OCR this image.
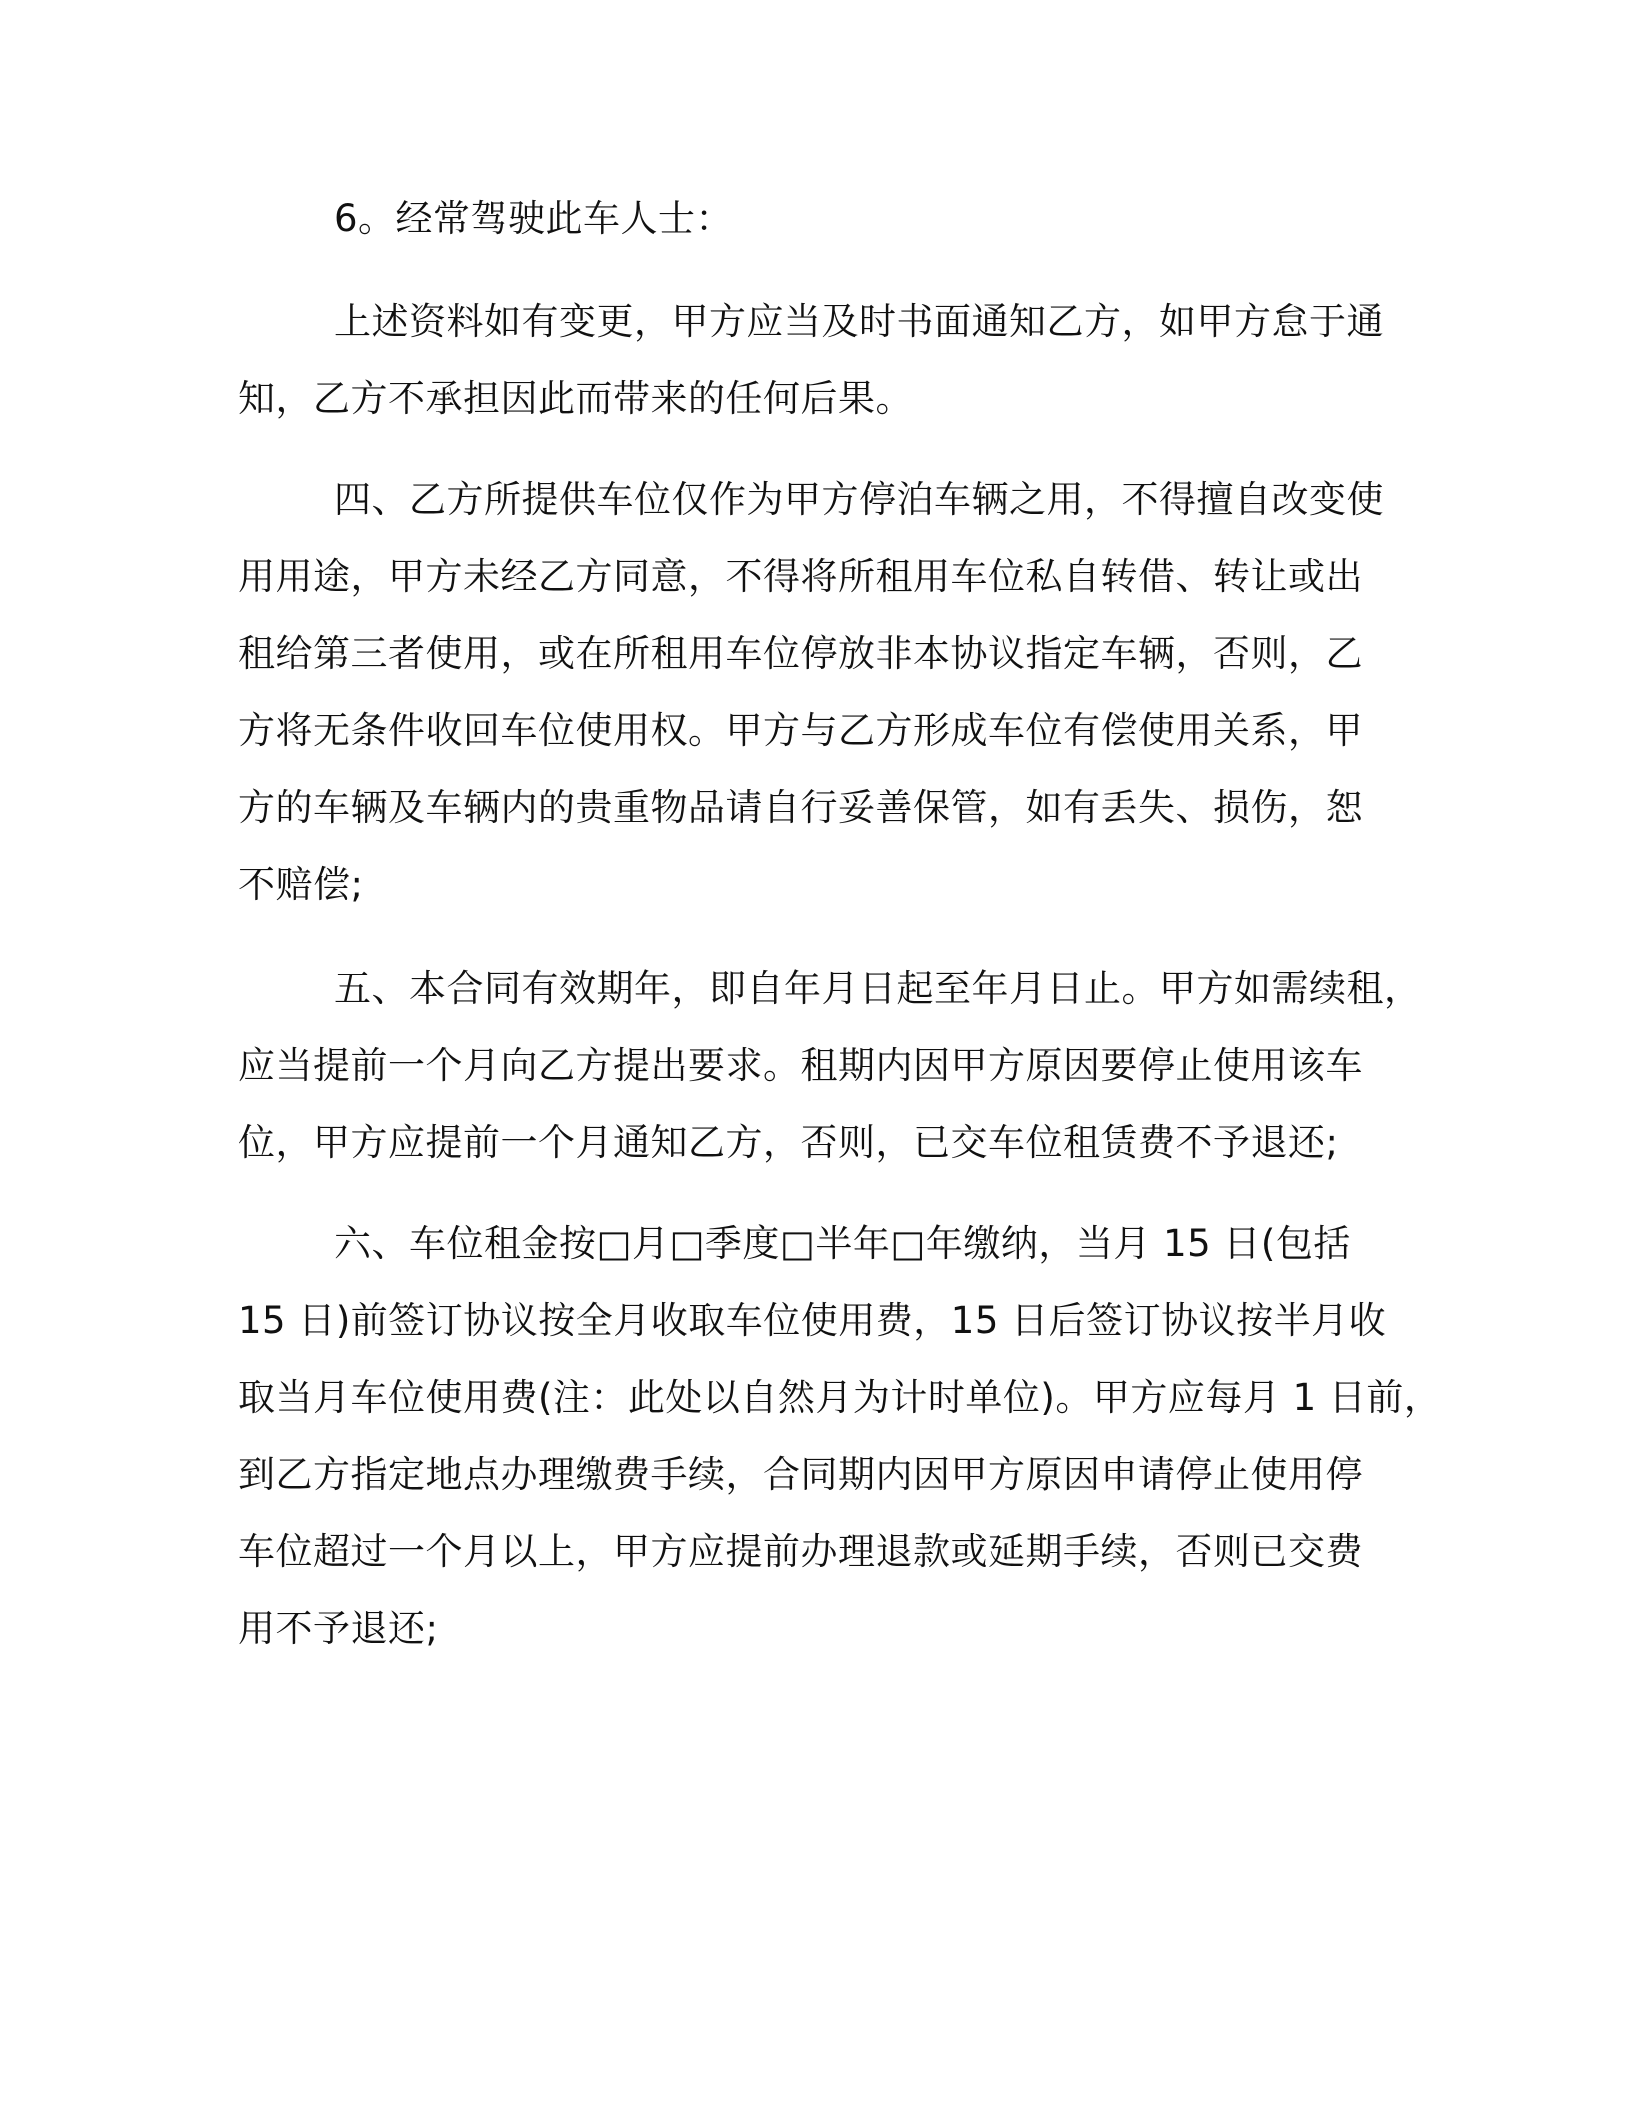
6。经常驾驶此车人士：
上述资料如有变更，甲方应当及时书面通知乙方，如甲方怠于通
知，乙方不承担因此而带来的任何后果。
四、乙方所提供车位仅作为甲方停泊车辆之用，不得擅自改变使
用用途，甲方未经乙方同意，不得将所租用车位私自转借、转让或出
租给第三者使用，或在所租用车位停放非本协议指定车辆，否则，乙
方将无条件收回车位使用权。甲方与乙方形成车位有偿使用关系，甲
方的车辆及车辆内的贵重物品请自行妥善保管，如有丢失、损伤，恕
不赔偿;
五、本合同有效期年，即自年月日起至年月日止。甲方如需续租，
应当提前一个月向乙方提出要求。租期内因甲方原因要停止使用该车
位，甲方应提前一个月通知乙方，否则，已交车位租赁费不予退还;
六、车位租金按□月□季度□半年□年缴纳，当月 15 日(包括
15 日)前签订协议按全月收取车位使用费，15 日后签订协议按半月收
取当月车位使用费(注：此处以自然月为计时单位)。甲方应每月 1 日前，
到乙方指定地点办理缴费手续，合同期内因甲方原因申请停止使用停
车位超过一个月以上，甲方应提前办理退款或延期手续，否则已交费
用不予退还;
